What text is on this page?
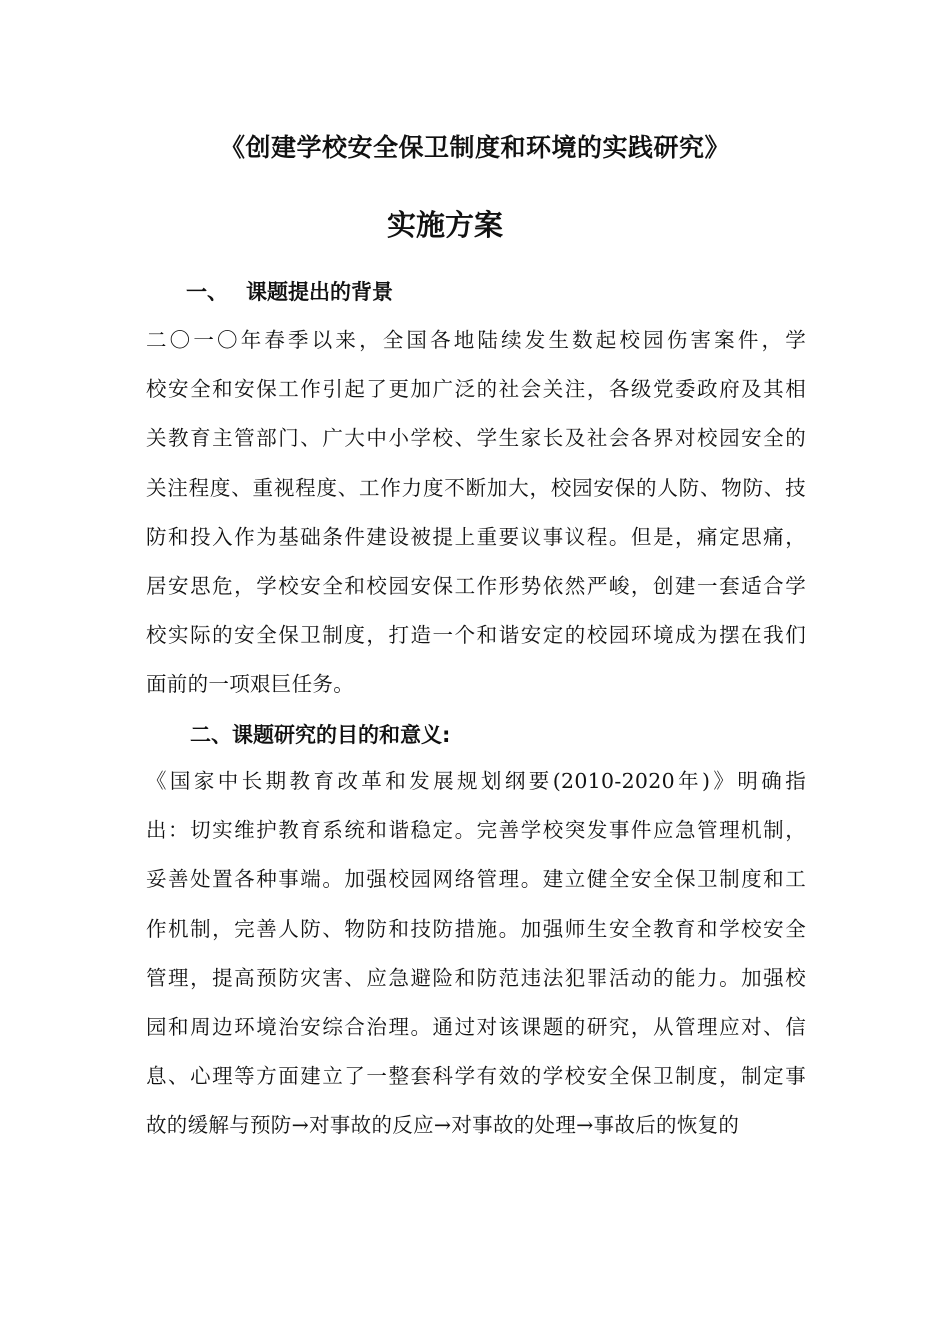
《创建学校安全保卫制度和环境的实践研究》
实施方案
一、 课题提出的背景
二〇一〇年春季以来，全国各地陆续发生数起校园伤害案件，学
校安全和安保工作引起了更加广泛的社会关注，各级党委政府及其相
关教育主管部门、广大中小学校、学生家长及社会各界对校园安全的
关注程度、重视程度、工作力度不断加大，校园安保的人防、物防、技
防和投入作为基础条件建设被提上重要议事议程。但是，痛定思痛，
居安思危，学校安全和校园安保工作形势依然严峻，创建一套适合学
校实际的安全保卫制度，打造一个和谐安定的校园环境成为摆在我们
面前的一项艰巨任务。
二、课题研究的目的和意义:
《国家中长期教育改革和发展规划纲要(2010-2020年)》明确指
出：切实维护教育系统和谐稳定。完善学校突发事件应急管理机制，
妥善处置各种事端。加强校园网络管理。建立健全安全保卫制度和工
作机制，完善人防、物防和技防措施。加强师生安全教育和学校安全
管理，提高预防灾害、应急避险和防范违法犯罪活动的能力。加强校
园和周边环境治安综合治理。通过对该课题的研究，从管理应对、信
息、心理等方面建立了一整套科学有效的学校安全保卫制度，制定事
故的缓解与预防→对事故的反应→对事故的处理→事故后的恢复的
